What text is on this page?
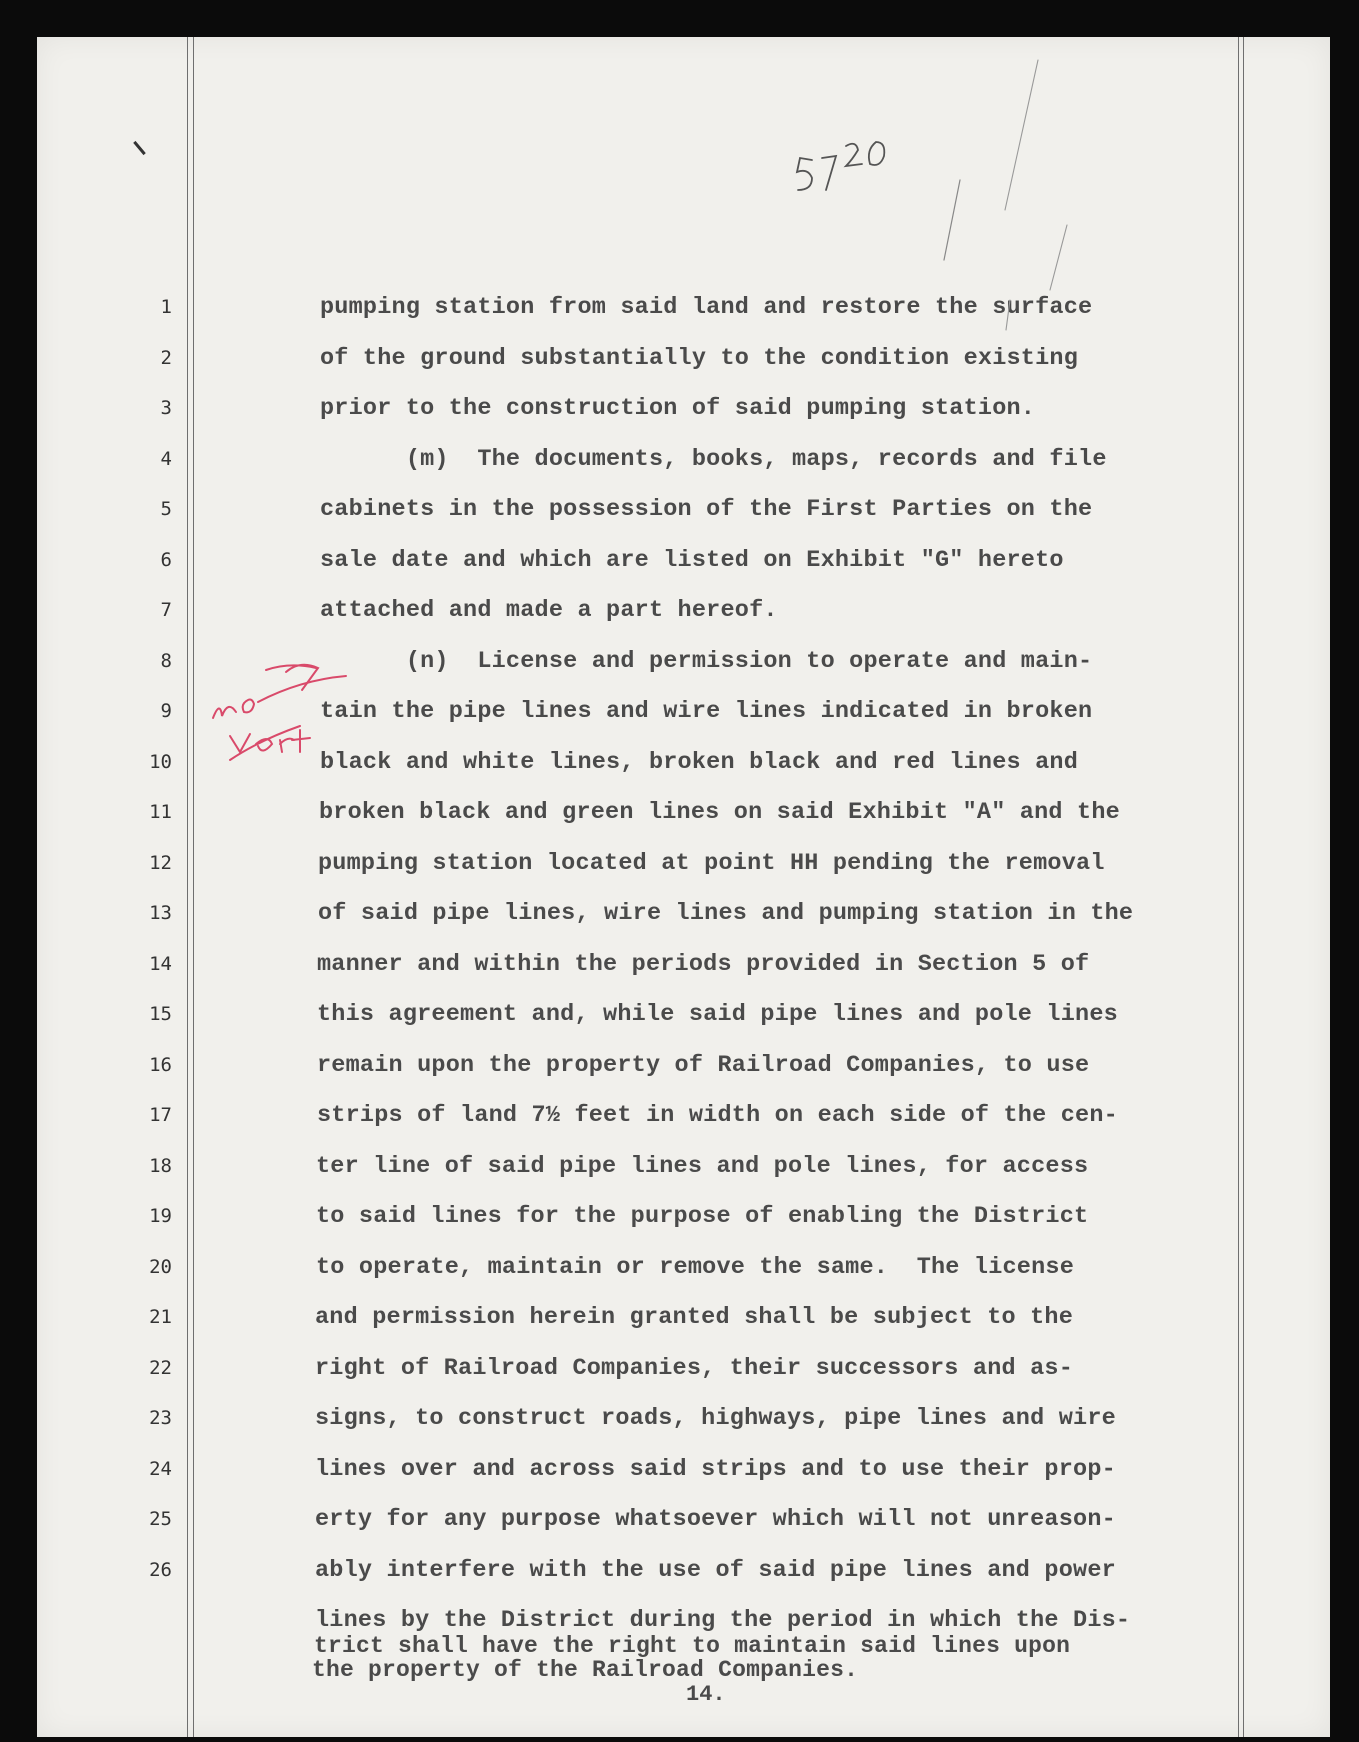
1
2
3
4
5
6
7
8
9
10
11
12
13
14
15
16
17
18
19
20
21
22
23
24
25
26
pumping station from said land and restore the surface
of the ground substantially to the condition existing
prior to the construction of said pumping station.
(m)  The documents, books, maps, records and file
cabinets in the possession of the First Parties on the
sale date and which are listed on Exhibit "G" hereto
attached and made a part hereof.
(n)  License and permission to operate and main-
tain the pipe lines and wire lines indicated in broken
black and white lines, broken black and red lines and
broken black and green lines on said Exhibit "A" and the
pumping station located at point HH pending the removal
of said pipe lines, wire lines and pumping station in the
manner and within the periods provided in Section 5 of
this agreement and, while said pipe lines and pole lines
remain upon the property of Railroad Companies, to use
strips of land 7½ feet in width on each side of the cen-
ter line of said pipe lines and pole lines, for access
to said lines for the purpose of enabling the District
to operate, maintain or remove the same.  The license
and permission herein granted shall be subject to the
right of Railroad Companies, their successors and as-
signs, to construct roads, highways, pipe lines and wire
lines over and across said strips and to use their prop-
erty for any purpose whatsoever which will not unreason-
ably interfere with the use of said pipe lines and power
lines by the District during the period in which the Dis-
trict shall have the right to maintain said lines upon
the property of the Railroad Companies.
14.
